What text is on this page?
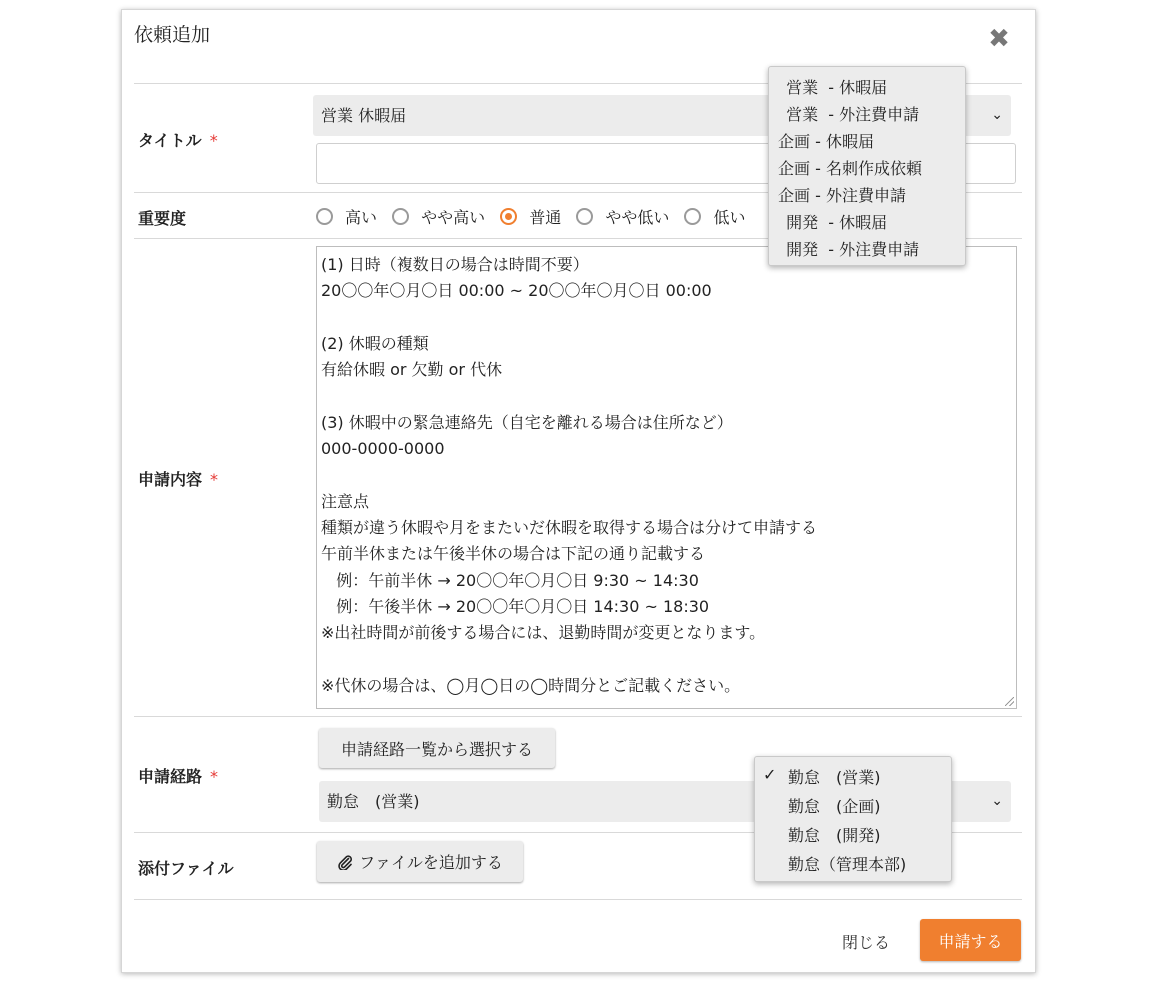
依頼追加	✖
タイトル *
営業 休暇届	⌄
重要度	高い
	やや高い
	普通
	やや低い
	低い
申請内容 *
(1) 日時（複数日の場合は時間不要）
20〇〇年〇月〇日 00:00 ~ 20〇〇年〇月〇日 00:00
(2) 休暇の種類
有給休暇 or 欠勤 or 代休
(3) 休暇中の緊急連絡先（自宅を離れる場合は住所など）
000-0000-0000
注意点
種類が違う休暇や月をまたいだ休暇を取得する場合は分けて申請する
午前半休または午後半休の場合は下記の通り記載する
例：午前半休 → 20〇〇年〇月〇日 9:30 ~ 14:30
例：午後半休 → 20〇〇年〇月〇日 14:30 ~ 18:30
※出社時間が前後する場合には、退勤時間が変更となります。
※代休の場合は、◯月◯日の◯時間分とご記載ください。
申請経路 *
申請経路一覧から選択する
勤怠　(営業)	⌄
添付ファイル	ファイルを追加する
閉じる	申請する
営業  - 休暇届
営業  - 外注費申請
企画 - 休暇届
企画 - 名刺作成依頼
企画 - 外注費申請
開発  - 休暇届
開発  - 外注費申請
✓ 勤怠　(営業)
勤怠　(企画)
勤怠　(開発)
勤怠（管理本部)
